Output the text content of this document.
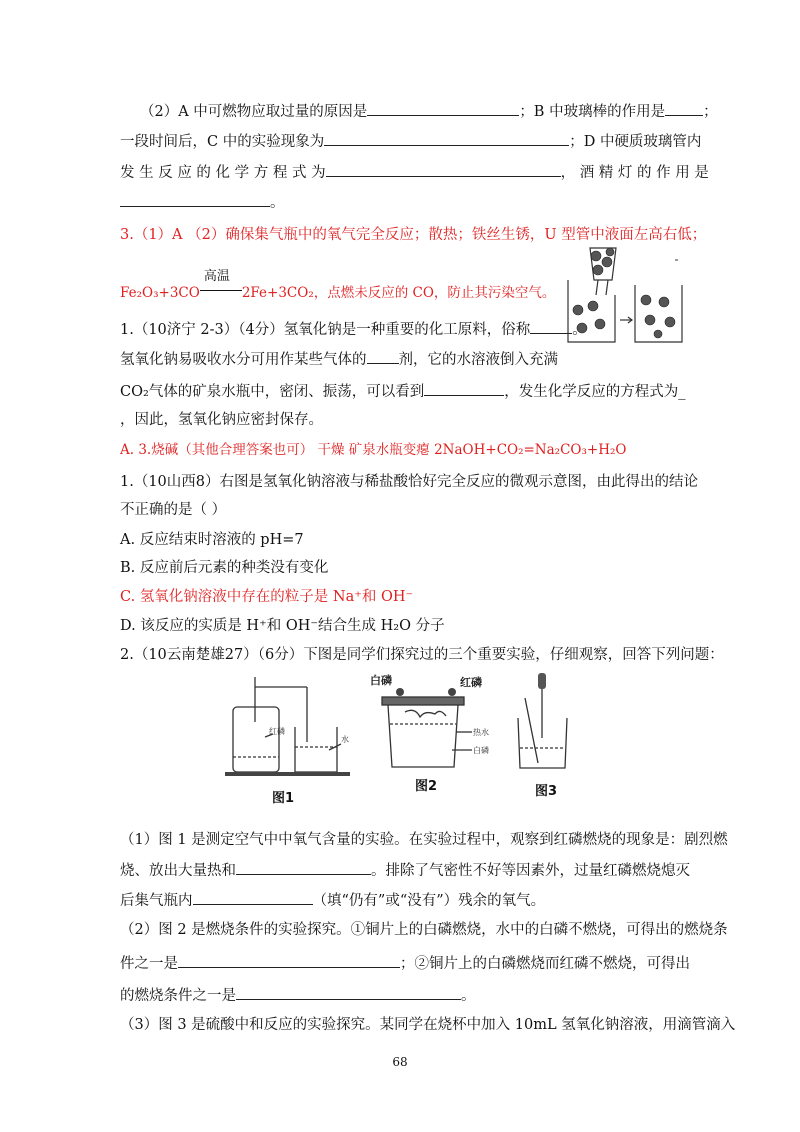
（2）A 中可燃物应取过量的原因是	；B 中玻璃棒的作用是	；
一段时间后，C 中的实验现象为	；D 中硬质玻璃管内
发 生 反 应 的 化 学 方 程 式 为	， 酒 精 灯 的 作 用 是
。
3.（1）A （2）确保集气瓶中的氧气完全反应；散热；铁丝生锈，U 型管中液面左高右低；
Fe₂O₃+3CO
高温
2Fe+3CO₂，点燃未反应的 CO，防止其污染空气。
1.（10济宁 2-3）（4分）氢氧化钠是一种重要的化工原料，俗称	。
氢氧化钠易吸收水分可用作某些气体的 剂，它的水溶液倒入充满
CO₂气体的矿泉水瓶中，密闭、振荡，可以看到	，发生化学反应的方程式为_
，因此，氢氧化钠应密封保存。
A. 3.烧碱（其他合理答案也可） 干燥 矿泉水瓶变瘪 2NaOH+CO₂=Na₂CO₃+H₂O
1.（10山西8）右图是氢氧化钠溶液与稀盐酸恰好完全反应的微观示意图，由此得出的结论
不正确的是（ ）
A. 反应结束时溶液的 pH=7
B. 反应前后元素的种类没有变化
C. 氢氧化钠溶液中存在的粒子是 Na⁺和 OH⁻
D. 该反应的实质是 H⁺和 OH⁻结合生成 H₂O 分子
2.（10云南楚雄27）（6分）下图是同学们探究过的三个重要实验，仔细观察，回答下列问题：
红磷
水
图1
白磷	红磷
热水
白磷
图2	图3
（1）图 1 是测定空气中中氧气含量的实验。在实验过程中，观察到红磷燃烧的现象是：剧烈燃
烧、放出大量热和	。排除了气密性不好等因素外，过量红磷燃烧熄灭
后集气瓶内	（填“仍有”或“没有”）残余的氧气。
（2）图 2 是燃烧条件的实验探究。①铜片上的白磷燃烧，水中的白磷不燃烧，可得出的燃烧条
件之一是	；②铜片上的白磷燃烧而红磷不燃烧，可得出
的燃烧条件之一是	。
（3）图 3 是硫酸中和反应的实验探究。某同学在烧杯中加入 10mL 氢氧化钠溶液，用滴管滴入
68
